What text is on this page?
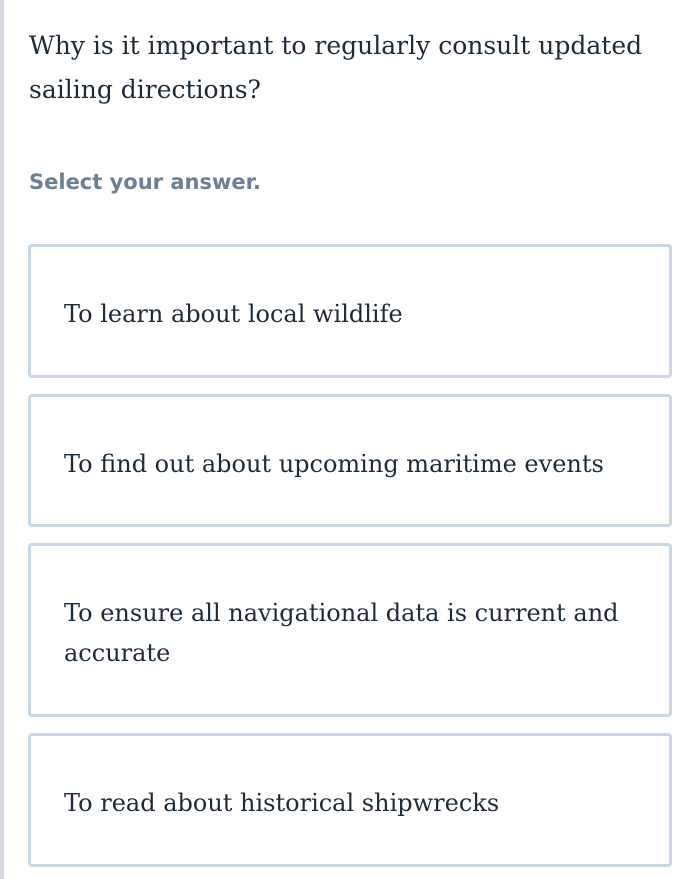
Why is it important to regularly consult updated sailing directions?
Select your answer.
To learn about local wildlife
To find out about upcoming maritime events
To ensure all navigational data is current and accurate
To read about historical shipwrecks
